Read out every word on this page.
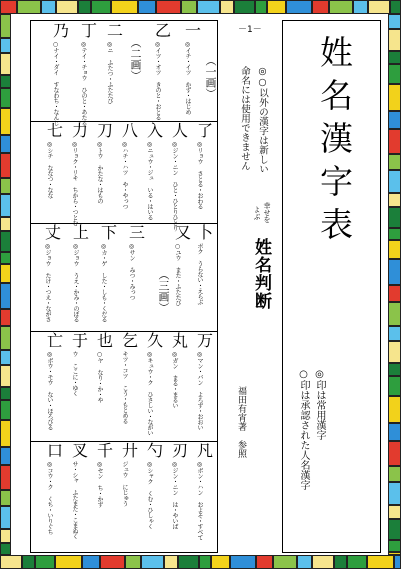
（一画）
（二画）
（三画）
一
◎イチ・イツ かず・はじめ
乙
◎イツ・オツ きのと・おとる
二
◎ニ ふたつ・ふたたび
丁
◎テイ・チョウ ひのと・あたる
乃
○ナイ・ダイ すなわち・なんじ
了
◎リョウ さとる・おわる
人
◎ジン・ニン ひと・ひとりひとり
入
◎ニュウ・ジュ いる・はいる
八
◎ハチ・ハツ や・やっつ
刀
◎トウ かたな・はもの
力
◎リョク・リキ ちから・つとむ
七
◎シチ ななつ・なな
卜
ボク うらない・えらぶ
又
○ユウ また・ふたたび
三
◎サン みつ・みっつ
下
◎カ・ゲ した・しも・くだる
上
◎ジョウ うえ・かみ・のぼる
丈
◎ジョウ たけ・つえ・ながさ
万
◎マン・バン よろず・おおい
丸
◎ガン まる・まるい
久
◎キュウ・ク ひさしい・ながい
乞
キツ・コツ こう・もとめる
也
○ヤ なり・か・や
于
ウ ここに・ゆく
亡
◎ボウ・モウ ない・ほろびる
凡
◎ボン・ハン およそ・すべて
刃
◎ジン・ニン は・やいば
勺
◎シャク くむ・ひしゃく
廾
ジュウ にじゅう
千
◎セン ち・かず
叉
サ・シャ ふたまた・こまぬく
口
◎コウ・ク くち・いりぐち
－1－
◎○以外の漢字は新しい
命名には使用できません
幸せを
よぶ
姓名判断
福田有宵著　参照
姓名漢字表
◎印は常用漢字
○印は承認された人名漢字
